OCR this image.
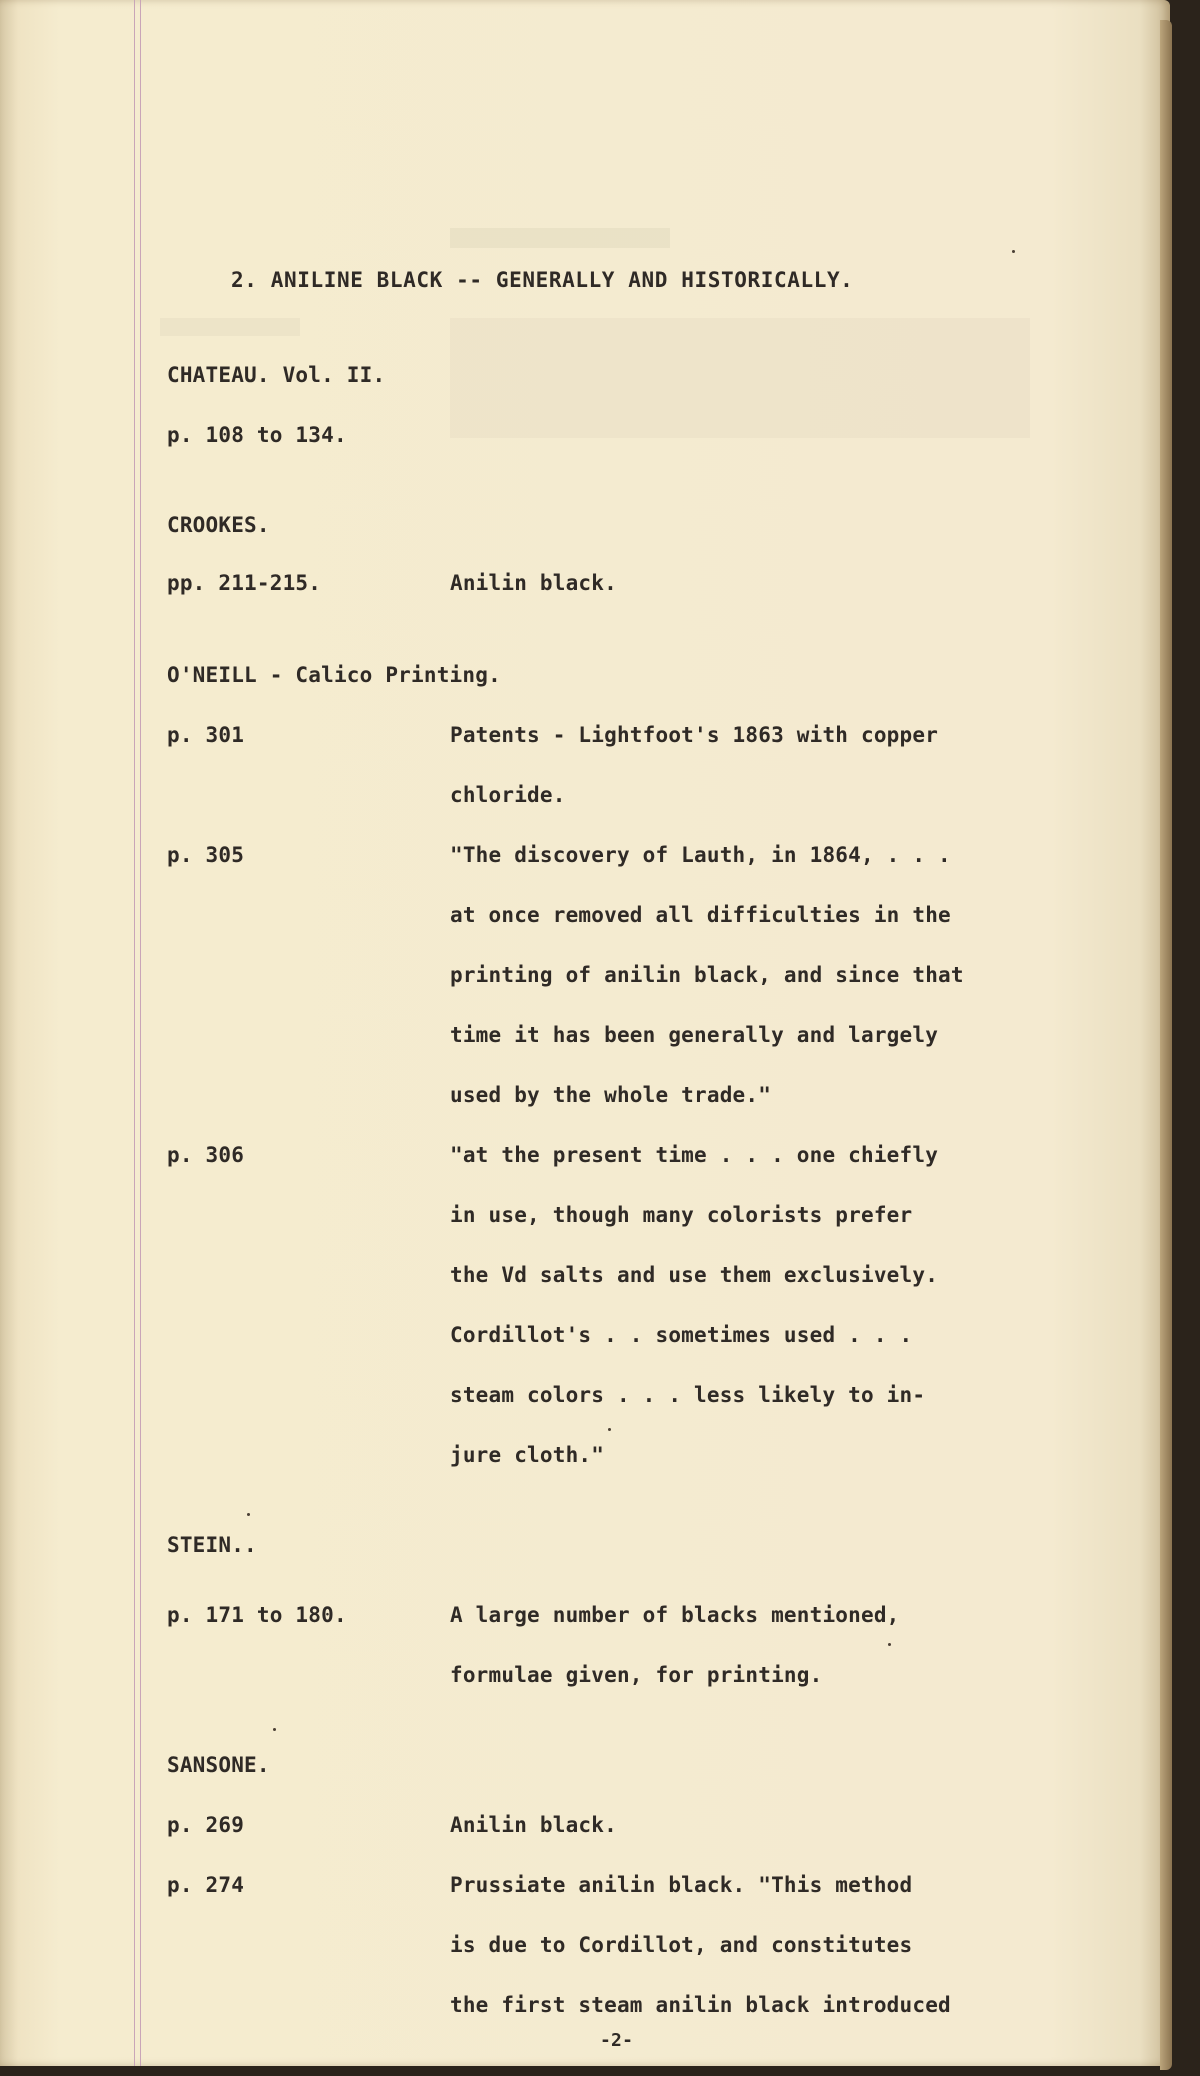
2. ANILINE BLACK -- GENERALLY AND HISTORICALLY.
CHATEAU. Vol. II.
p. 108 to 134.
CROOKES.
pp. 211-215.	Anilin black.
O'NEILL - Calico Printing.
p. 301	Patents - Lightfoot's 1863 with copper
chloride.
p. 305	"The discovery of Lauth, in 1864, . . .
at once removed all difficulties in the
printing of anilin black, and since that
time it has been generally and largely
used by the whole trade."
p. 306	"at the present time . . . one chiefly
in use, though many colorists prefer
the Vd salts and use them exclusively.
Cordillot's . . sometimes used . . .
steam colors . . . less likely to in-
jure cloth."
STEIN..
p. 171 to 180.	A large number of blacks mentioned,
formulae given, for printing.
SANSONE.
p. 269	Anilin black.
p. 274	Prussiate anilin black. "This method
is due to Cordillot, and constitutes
the first steam anilin black introduced
-2-
